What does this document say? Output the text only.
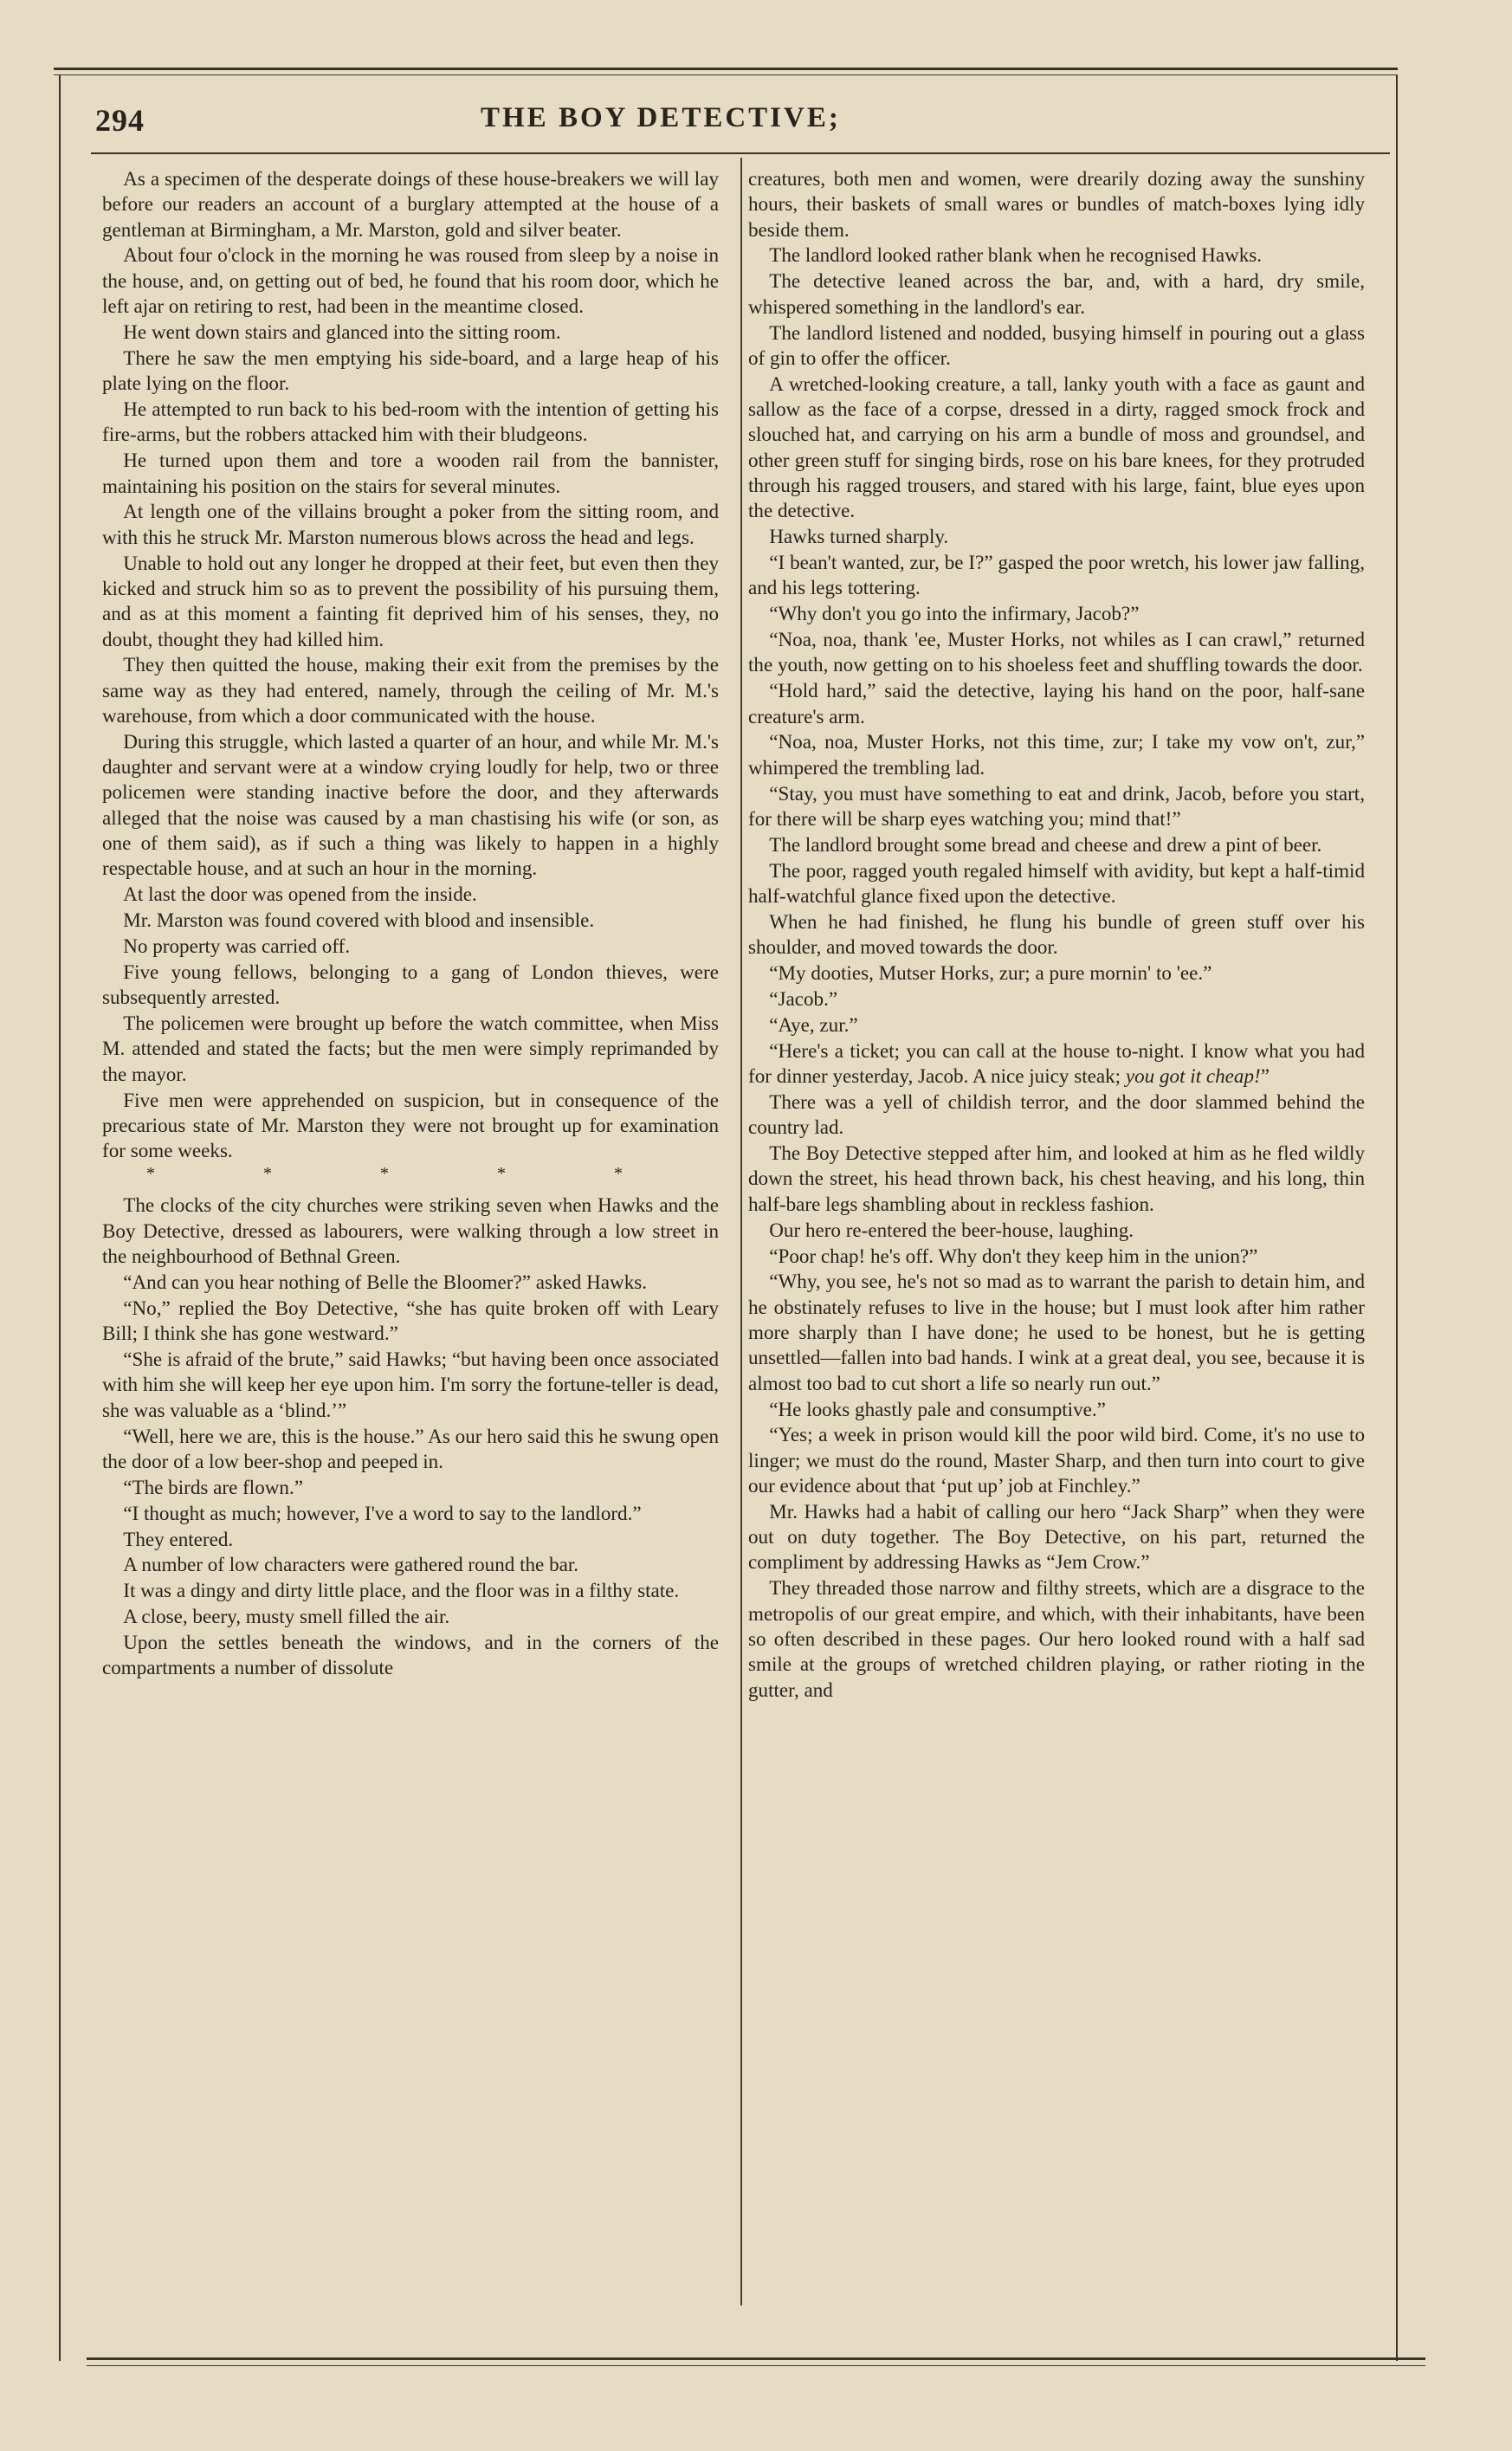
294	THE BOY DETECTIVE;

As a specimen of the desperate doings of these house-breakers we will lay before our readers an account of a burglary attempted at the house of a gentleman at Birmingham, a Mr. Marston, gold and silver beater.

About four o'clock in the morning he was roused from sleep by a noise in the house, and, on getting out of bed, he found that his room door, which he left ajar on retiring to rest, had been in the meantime closed.

He went down stairs and glanced into the sitting room.

There he saw the men emptying his side-board, and a large heap of his plate lying on the floor.

He attempted to run back to his bed-room with the intention of getting his fire-arms, but the robbers attacked him with their bludgeons.

He turned upon them and tore a wooden rail from the bannister, maintaining his position on the stairs for several minutes.

At length one of the villains brought a poker from the sitting room, and with this he struck Mr. Marston numerous blows across the head and legs.

Unable to hold out any longer he dropped at their feet, but even then they kicked and struck him so as to prevent the possibility of his pursuing them, and as at this moment a fainting fit deprived him of his senses, they, no doubt, thought they had killed him.

They then quitted the house, making their exit from the premises by the same way as they had entered, namely, through the ceiling of Mr. M.'s warehouse, from which a door communicated with the house.

During this struggle, which lasted a quarter of an hour, and while Mr. M.'s daughter and servant were at a window crying loudly for help, two or three policemen were standing inactive before the door, and they afterwards alleged that the noise was caused by a man chastising his wife (or son, as one of them said), as if such a thing was likely to happen in a highly respectable house, and at such an hour in the morning.

At last the door was opened from the inside.

Mr. Marston was found covered with blood and insensible.

No property was carried off.

Five young fellows, belonging to a gang of London thieves, were subsequently arrested.

The policemen were brought up before the watch committee, when Miss M. attended and stated the facts; but the men were simply reprimanded by the mayor.

Five men were apprehended on suspicion, but in consequence of the precarious state of Mr. Marston they were not brought up for examination for some weeks.

* * * * *

The clocks of the city churches were striking seven when Hawks and the Boy Detective, dressed as labourers, were walking through a low street in the neighbourhood of Bethnal Green.

“And can you hear nothing of Belle the Bloomer?” asked Hawks.

“No,” replied the Boy Detective, “she has quite broken off with Leary Bill; I think she has gone westward.”

“She is afraid of the brute,” said Hawks; “but having been once associated with him she will keep her eye upon him. I'm sorry the fortune-teller is dead, she was valuable as a ‘blind.’”

“Well, here we are, this is the house.” As our hero said this he swung open the door of a low beer-shop and peeped in.

“The birds are flown.”

“I thought as much; however, I've a word to say to the landlord.”

They entered.

A number of low characters were gathered round the bar.

It was a dingy and dirty little place, and the floor was in a filthy state.

A close, beery, musty smell filled the air.

Upon the settles beneath the windows, and in the corners of the compartments a number of dissolute

creatures, both men and women, were drearily dozing away the sunshiny hours, their baskets of small wares or bundles of match-boxes lying idly beside them.

The landlord looked rather blank when he recognised Hawks.

The detective leaned across the bar, and, with a hard, dry smile, whispered something in the landlord's ear.

The landlord listened and nodded, busying himself in pouring out a glass of gin to offer the officer.

A wretched-looking creature, a tall, lanky youth with a face as gaunt and sallow as the face of a corpse, dressed in a dirty, ragged smock frock and slouched hat, and carrying on his arm a bundle of moss and groundsel, and other green stuff for singing birds, rose on his bare knees, for they protruded through his ragged trousers, and stared with his large, faint, blue eyes upon the detective.

Hawks turned sharply.

“I bean't wanted, zur, be I?” gasped the poor wretch, his lower jaw falling, and his legs tottering.

“Why don't you go into the infirmary, Jacob?”

“Noa, noa, thank 'ee, Muster Horks, not whiles as I can crawl,” returned the youth, now getting on to his shoeless feet and shuffling towards the door.

“Hold hard,” said the detective, laying his hand on the poor, half-sane creature's arm.

“Noa, noa, Muster Horks, not this time, zur; I take my vow on't, zur,” whimpered the trembling lad.

“Stay, you must have something to eat and drink, Jacob, before you start, for there will be sharp eyes watching you; mind that!”

The landlord brought some bread and cheese and drew a pint of beer.

The poor, ragged youth regaled himself with avidity, but kept a half-timid half-watchful glance fixed upon the detective.

When he had finished, he flung his bundle of green stuff over his shoulder, and moved towards the door.

“My dooties, Mutser Horks, zur; a pure mornin' to 'ee.”

“Jacob.”

“Aye, zur.”

“Here's a ticket; you can call at the house to-night. I know what you had for dinner yesterday, Jacob. A nice juicy steak; you got it cheap!”

There was a yell of childish terror, and the door slammed behind the country lad.

The Boy Detective stepped after him, and looked at him as he fled wildly down the street, his head thrown back, his chest heaving, and his long, thin half-bare legs shambling about in reckless fashion.

Our hero re-entered the beer-house, laughing.

“Poor chap! he's off. Why don't they keep him in the union?”

“Why, you see, he's not so mad as to warrant the parish to detain him, and he obstinately refuses to live in the house; but I must look after him rather more sharply than I have done; he used to be honest, but he is getting unsettled—fallen into bad hands. I wink at a great deal, you see, because it is almost too bad to cut short a life so nearly run out.”

“He looks ghastly pale and consumptive.”

“Yes; a week in prison would kill the poor wild bird. Come, it's no use to linger; we must do the round, Master Sharp, and then turn into court to give our evidence about that ‘put up’ job at Finchley.”

Mr. Hawks had a habit of calling our hero “Jack Sharp” when they were out on duty together. The Boy Detective, on his part, returned the compliment by addressing Hawks as “Jem Crow.”

They threaded those narrow and filthy streets, which are a disgrace to the metropolis of our great empire, and which, with their inhabitants, have been so often described in these pages. Our hero looked round with a half sad smile at the groups of wretched children playing, or rather rioting in the gutter, and
